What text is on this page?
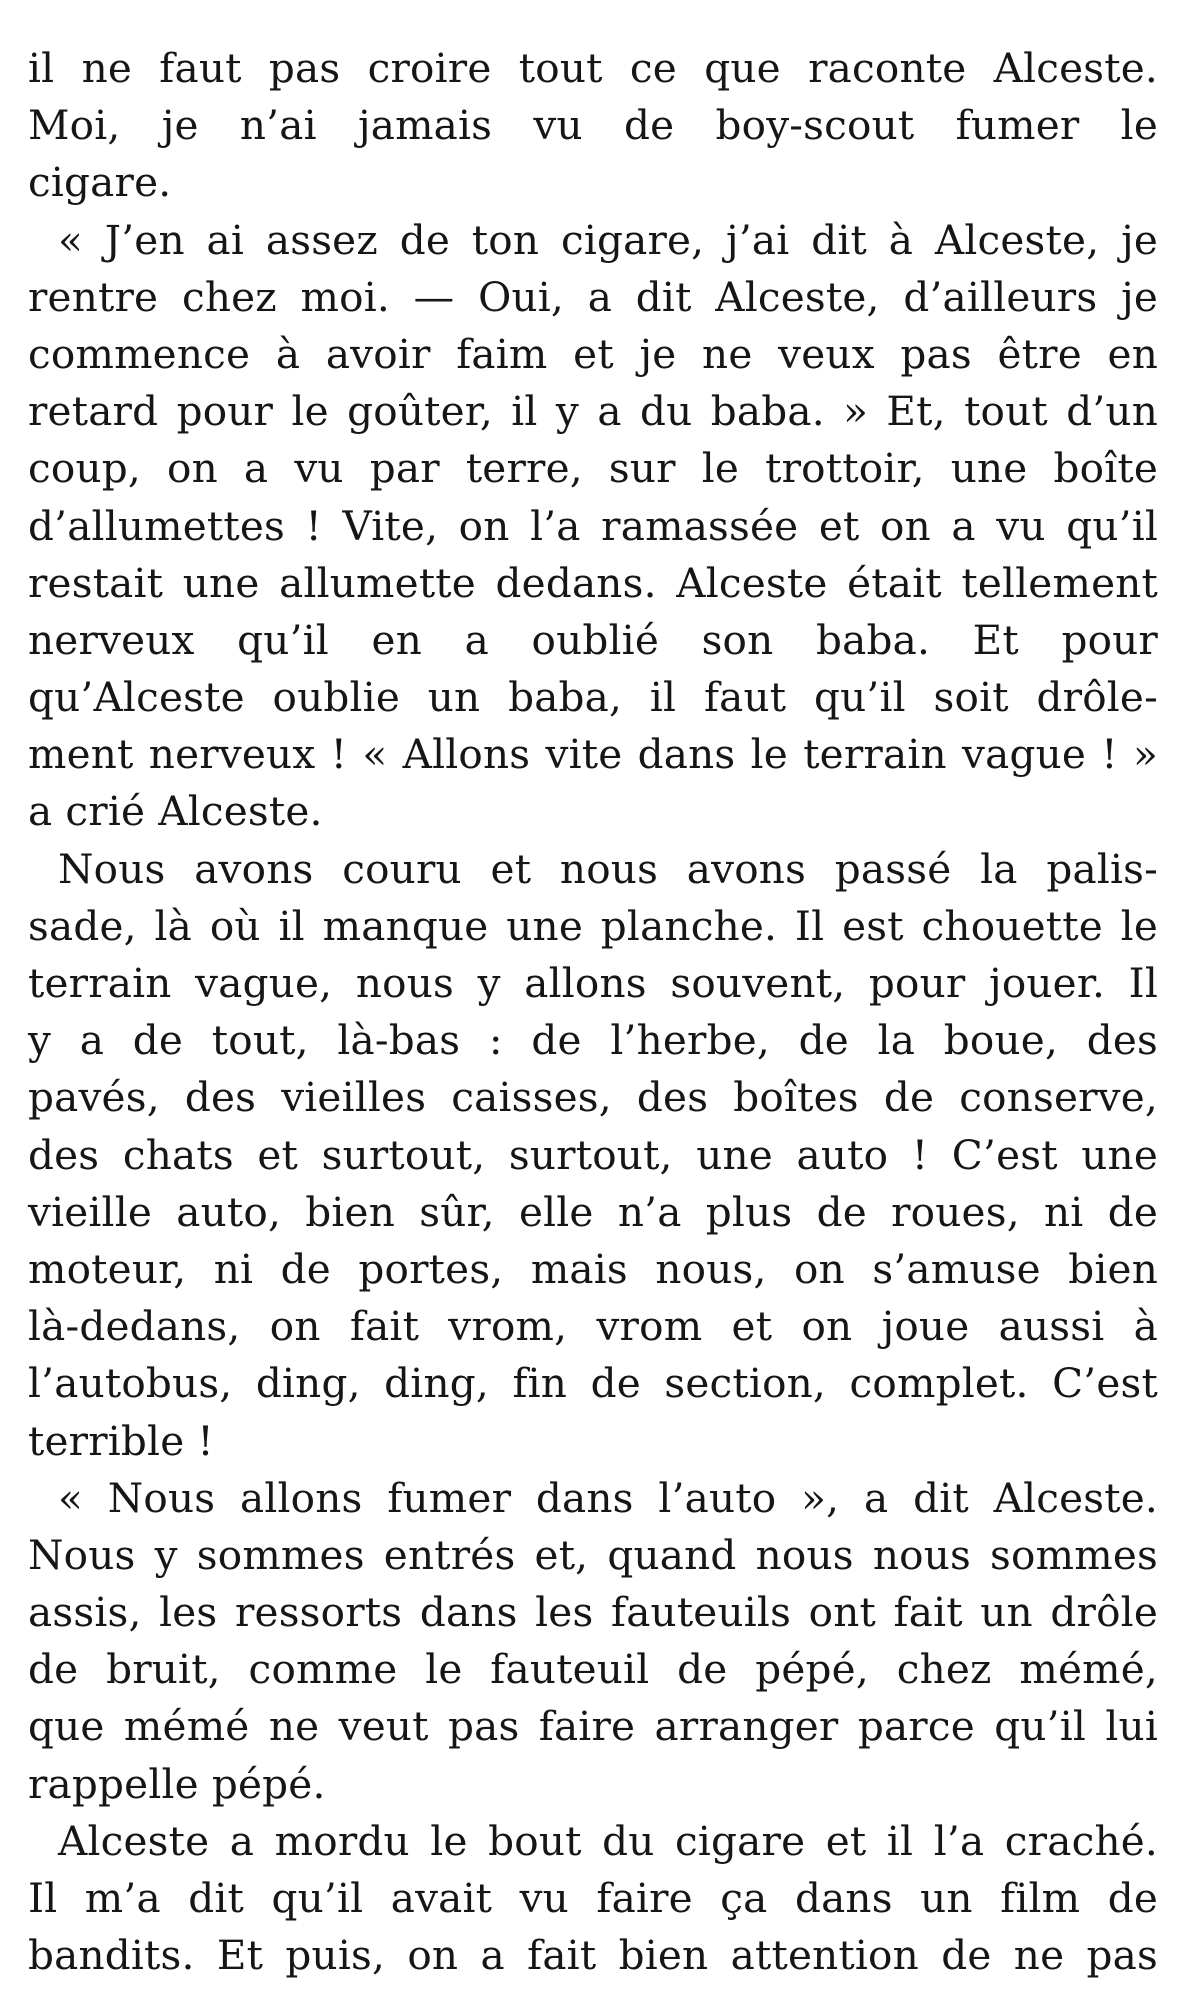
il ne faut pas croire tout ce que raconte Alceste.
Moi, je n’ai jamais vu de boy-scout fumer le
cigare.
« J’en ai assez de ton cigare, j’ai dit à Alceste, je
rentre chez moi. — Oui, a dit Alceste, d’ailleurs je
commence à avoir faim et je ne veux pas être en
retard pour le goûter, il y a du baba. » Et, tout d’un
coup, on a vu par terre, sur le trottoir, une boîte
d’allumettes ! Vite, on l’a ramassée et on a vu qu’il
restait une allumette dedans. Alceste était tellement
nerveux qu’il en a oublié son baba. Et pour
qu’Alceste oublie un baba, il faut qu’il soit drôle-
ment nerveux ! « Allons vite dans le terrain vague ! »
a crié Alceste.
Nous avons couru et nous avons passé la palis-
sade, là où il manque une planche. Il est chouette le
terrain vague, nous y allons souvent, pour jouer. Il
y a de tout, là-bas : de l’herbe, de la boue, des
pavés, des vieilles caisses, des boîtes de conserve,
des chats et surtout, surtout, une auto ! C’est une
vieille auto, bien sûr, elle n’a plus de roues, ni de
moteur, ni de portes, mais nous, on s’amuse bien
là-dedans, on fait vrom, vrom et on joue aussi à
l’autobus, ding, ding, fin de section, complet. C’est
terrible !
« Nous allons fumer dans l’auto », a dit Alceste.
Nous y sommes entrés et, quand nous nous sommes
assis, les ressorts dans les fauteuils ont fait un drôle
de bruit, comme le fauteuil de pépé, chez mémé,
que mémé ne veut pas faire arranger parce qu’il lui
rappelle pépé.
Alceste a mordu le bout du cigare et il l’a craché.
Il m’a dit qu’il avait vu faire ça dans un film de
bandits. Et puis, on a fait bien attention de ne pas
